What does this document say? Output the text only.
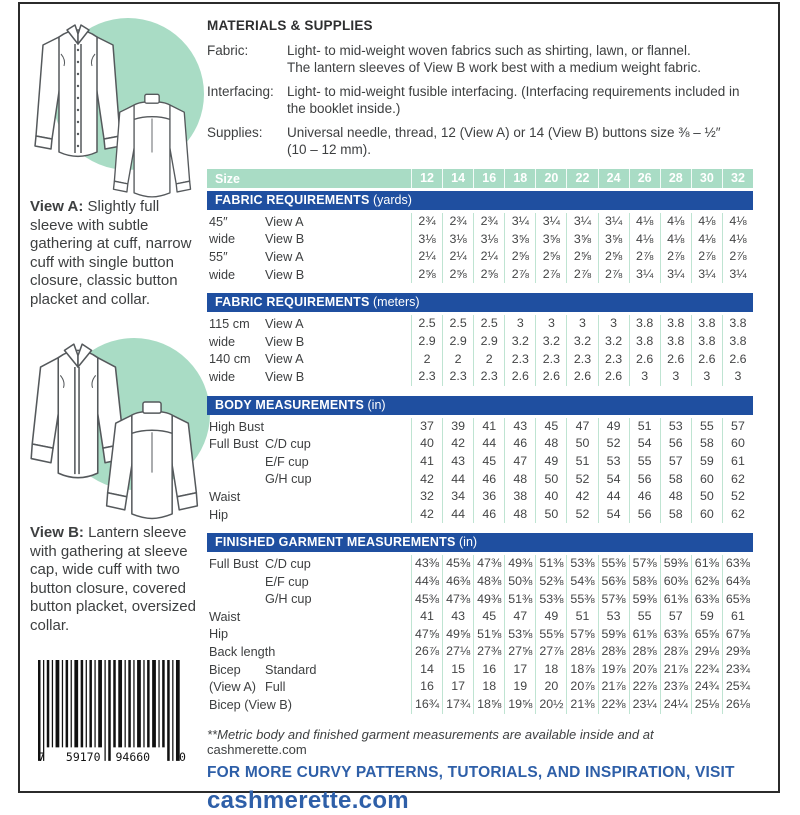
View A: Slightly full sleeve with subtle gathering at cuff, narrow cuff with single button closure, classic button placket and collar.

View B: Lantern sleeve with gathering at sleeve cap, wide cuff with two button closure, covered button placket, oversized collar.

7 59170 94660	0
MATERIALS & SUPPLIES
Fabric:	Light- to mid-weight woven fabrics such as shirting, lawn, or flannel.
The lantern sleeves of View B work best with a medium weight fabric.
Interfacing: Light- to mid-weight fusible interfacing. (Interfacing requirements included in
the booklet inside.)
Supplies:	Universal needle, thread, 12 (View A) or 14 (View B) buttons size ⅜ – ½″
(10 – 12 mm).
Size	12	14	16	18	20	22	24	26	28	30	32
FABRIC REQUIREMENTS (yards)
45″	View A	2¾	2¾	2¾	3¼	3¼	3¼	3¼	4⅛	4⅛	4⅛	4⅛
wide	View B	3⅛	3⅛	3⅛	3⅝	3⅝	3⅝	3⅝	4⅛	4⅛	4⅛	4⅛
55″	View A	2¼	2¼	2¼	2⅝	2⅝	2⅝	2⅝	2⅞	2⅞	2⅞	2⅞
wide	View B	2⅝	2⅝	2⅝	2⅞	2⅞	2⅞	2⅞	3¼	3¼	3¼	3¼
FABRIC REQUIREMENTS (meters)
115 cm	View A	2.5	2.5	2.5	3	3	3	3	3.8	3.8	3.8	3.8
wide	View B	2.9	2.9	2.9	3.2	3.2	3.2	3.2	3.8	3.8	3.8	3.8
140 cm	View A	2	2	2	2.3	2.3	2.3	2.3	2.6	2.6	2.6	2.6
wide	View B	2.3	2.3	2.3	2.6	2.6	2.6	2.6	3	3	3	3
BODY MEASUREMENTS (in)
High Bust	37	39	41	43	45	47	49	51	53	55	57
Full Bust C/D cup	40	42	44	46	48	50	52	54	56	58	60
E/F cup	41	43	45	47	49	51	53	55	57	59	61
G/H cup	42	44	46	48	50	52	54	56	58	60	62
Waist	32	34	36	38	40	42	44	46	48	50	52
Hip	42	44	46	48	50	52	54	56	58	60	62
FINISHED GARMENT MEASUREMENTS (in)
Full Bust C/D cup	43⅜ 45⅜ 47⅜ 49⅜ 51⅜ 53⅜ 55⅜ 57⅜ 59⅜ 61⅜ 63⅜
E/F cup	44⅜ 46⅜ 48⅜ 50⅜ 52⅜ 54⅜ 56⅜ 58⅜ 60⅜ 62⅜ 64⅜
G/H cup	45⅜ 47⅜ 49⅜ 51⅜ 53⅜ 55⅜ 57⅜ 59⅜ 61⅜ 63⅜ 65⅜
Waist	41	43	45	47	49	51	53	55	57	59	61
Hip	47⅝ 49⅝ 51⅝ 53⅝ 55⅝ 57⅝ 59⅝ 61⅝ 63⅝ 65⅝ 67⅝
Back length	26⅞ 27⅛ 27⅜ 27⅝ 27⅞ 28⅛ 28⅜ 28⅝ 28⅞ 29⅛ 29⅜
Bicep	Standard	14	15	16	17	18 18⅞ 19⅞ 20⅞ 21⅞ 22¾ 23¾
(View A) Full	16	17	18	19	20 20⅞ 21⅞ 22⅞ 23⅞ 24¾ 25¾
Bicep (View B)	16¾ 17¾ 18⅝ 19⅝ 20½ 21⅜ 22⅜ 23¼ 24¼ 25⅛ 26⅛
**Metric body and finished garment measurements are available inside and at cashmerette.com
FOR MORE CURVY PATTERNS, TUTORIALS, AND INSPIRATION, VISIT
cashmerette.com
